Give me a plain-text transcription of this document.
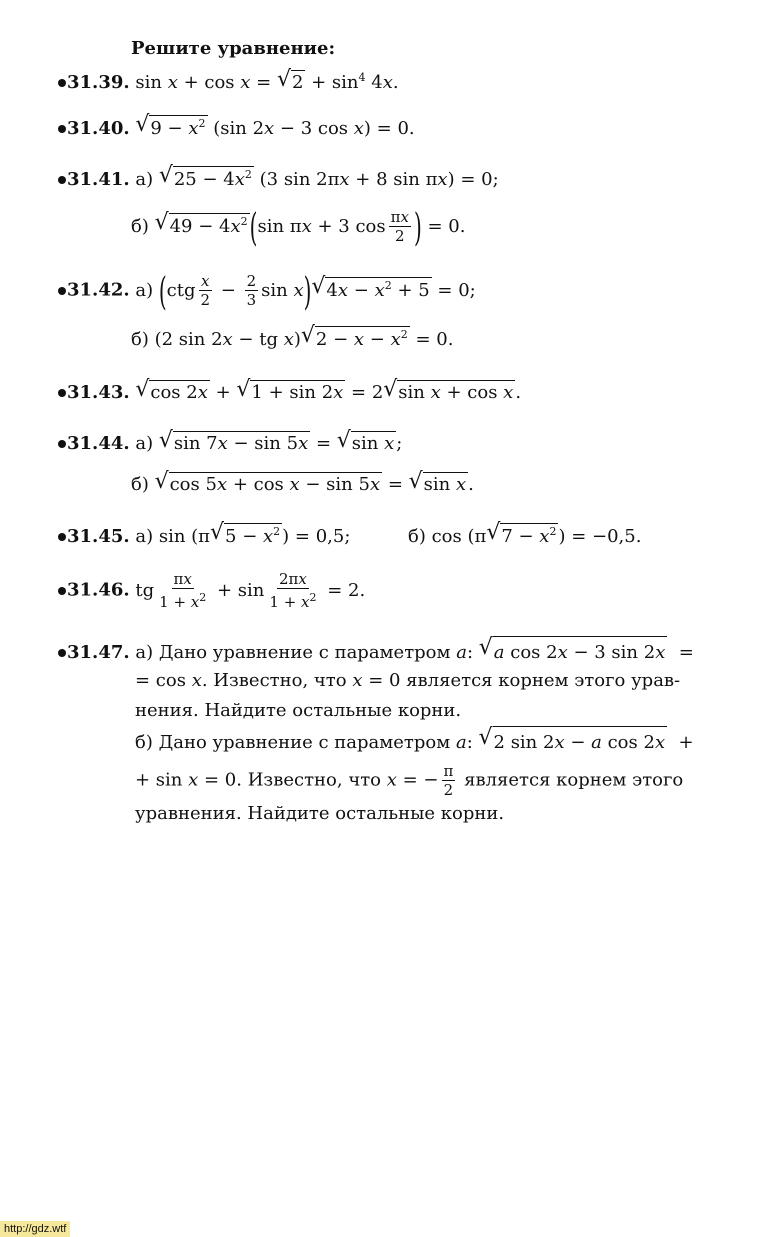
Решите уравнение:
31.39. sin x + cos x = √ $2 + \sin^4 4x$.
31.40. √ $9 - x^2$ (sin 2x − 3 cos x) = 0.
31.41. а) √ $25 - 4x^2$ (3 sin 2πx + 8 sin πx) = 0;
б) √ $49 - 4x^2$ (sin πx + 3 $\cos \frac{\pi x}{2}$ ) = 0.
31.42. а) ($ctg \frac{x}{2} - \frac{2}{3}$ sin x) √ $4x - x^2 + 5 = 0$;
б) (2 sin 2x − tg x) √ $2 - x - x^2 = 0$.
31.43. √ cos 2x + √ 1 + sin 2x = 2 √ sin x + cos x .
31.44. а) √ sin 7x − sin 5x = √ sin x ;
б) √ cos 5x + cos x − sin 5x = √ sin x .
31.45. а) sin (π √ $5 - x^2$ ) = 0,5;	б) cos (π √ $7 - x^2$ ) = −0,5.
31.46. tg $\frac{\pi x}{1 + x^2} + \sin \frac{2\pi x}{1 + x^2} = 2$.
31.47. а) Дано уравнение с параметром a: √ a cos 2x − 3 sin 2x  =
= cos x. Известно, что x = 0 является корнем этого урав-
нения. Найдите остальные корни.
б) Дано уравнение с параметром a: √ 2 sin 2x − a cos 2x  +
+ sin x = 0. Известно, что x = − $\frac{\pi}{2}$ является корнем этого
уравнения. Найдите остальные корни.
http://gdz.wtf
